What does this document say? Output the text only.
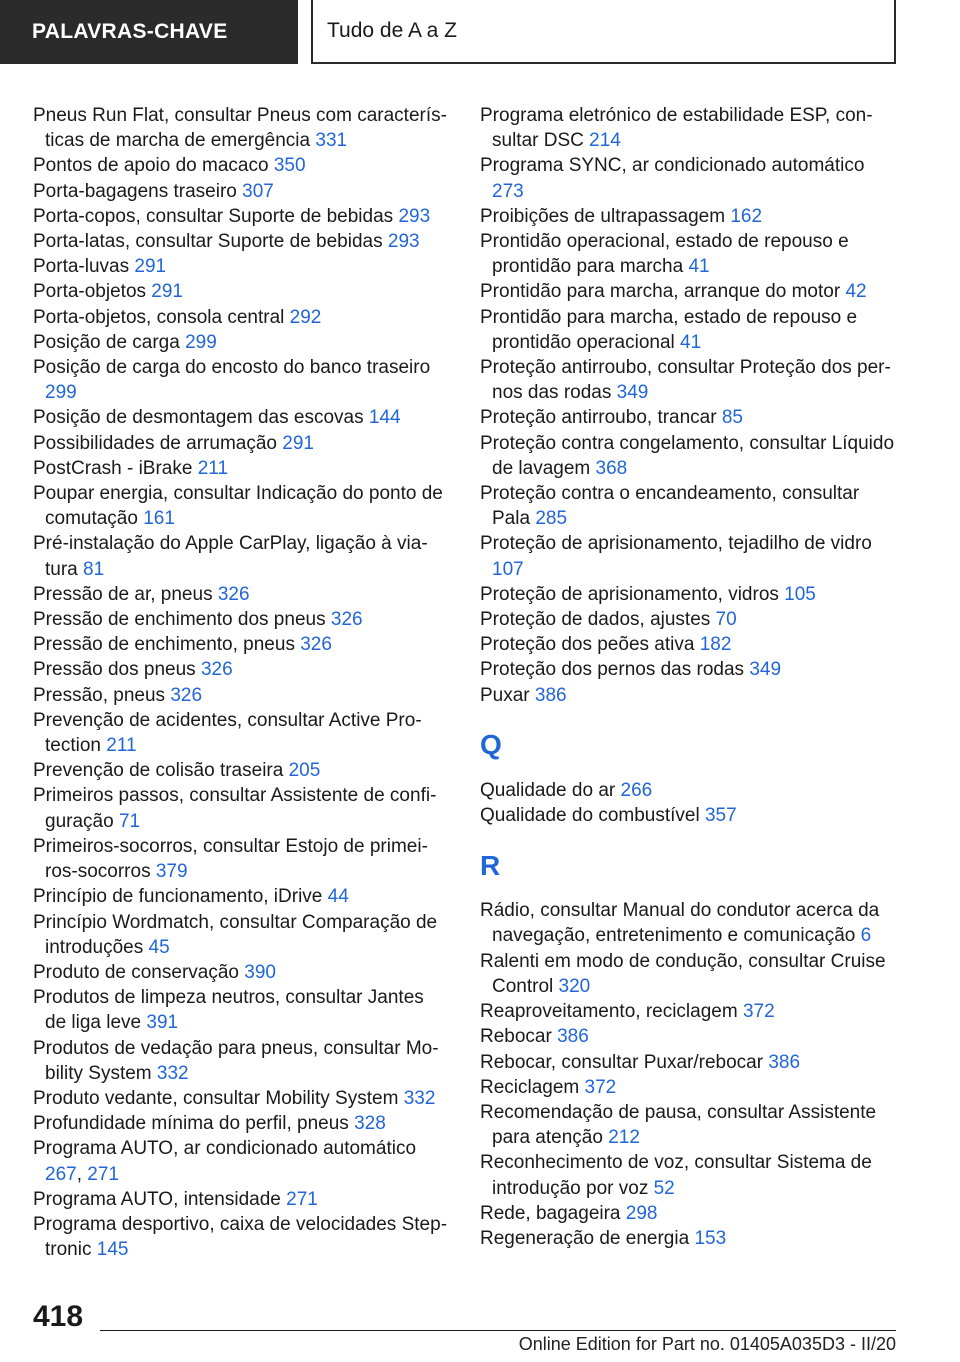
PALAVRAS-CHAVE	Tudo de A a Z
Pneus Run Flat, consultar Pneus com características de marcha de emergência 331
Pontos de apoio do macaco 350
Porta-bagagens traseiro 307
Porta-copos, consultar Suporte de bebidas 293
Porta-latas, consultar Suporte de bebidas 293
Porta-luvas 291
Porta-objetos 291
Porta-objetos, consola central 292
Posição de carga 299
Posição de carga do encosto do banco traseiro 299
Posição de desmontagem das escovas 144
Possibilidades de arrumação 291
PostCrash - iBrake 211
Poupar energia, consultar Indicação do ponto de comutação 161
Pré-instalação do Apple CarPlay, ligação à viatura 81
Pressão de ar, pneus 326
Pressão de enchimento dos pneus 326
Pressão de enchimento, pneus 326
Pressão dos pneus 326
Pressão, pneus 326
Prevenção de acidentes, consultar Active Protection 211
Prevenção de colisão traseira 205
Primeiros passos, consultar Assistente de configuração 71
Primeiros-socorros, consultar Estojo de primeiros-socorros 379
Princípio de funcionamento, iDrive 44
Princípio Wordmatch, consultar Comparação de introduções 45
Produto de conservação 390
Produtos de limpeza neutros, consultar Jantes de liga leve 391
Produtos de vedação para pneus, consultar Mobility System 332
Produto vedante, consultar Mobility System 332
Profundidade mínima do perfil, pneus 328
Programa AUTO, ar condicionado automático 267, 271
Programa AUTO, intensidade 271
Programa desportivo, caixa de velocidades Steptronic 145
Programa eletrónico de estabilidade ESP, consultar DSC 214
Programa SYNC, ar condicionado automático 273
Proibições de ultrapassagem 162
Prontidão operacional, estado de repouso e prontidão para marcha 41
Prontidão para marcha, arranque do motor 42
Prontidão para marcha, estado de repouso e prontidão operacional 41
Proteção antirroubo, consultar Proteção dos pernos das rodas 349
Proteção antirroubo, trancar 85
Proteção contra congelamento, consultar Líquido de lavagem 368
Proteção contra o encandeamento, consultar Pala 285
Proteção de aprisionamento, tejadilho de vidro 107
Proteção de aprisionamento, vidros 105
Proteção de dados, ajustes 70
Proteção dos peões ativa 182
Proteção dos pernos das rodas 349
Puxar 386
Q
Qualidade do ar 266
Qualidade do combustível 357
R
Rádio, consultar Manual do condutor acerca da navegação, entretenimento e comunicação 6
Ralenti em modo de condução, consultar Cruise Control 320
Reaproveitamento, reciclagem 372
Rebocar 386
Rebocar, consultar Puxar/rebocar 386
Reciclagem 372
Recomendação de pausa, consultar Assistente para atenção 212
Reconhecimento de voz, consultar Sistema de introdução por voz 52
Rede, bagageira 298
Regeneração de energia 153
418
Online Edition for Part no. 01405A035D3 - II/20
